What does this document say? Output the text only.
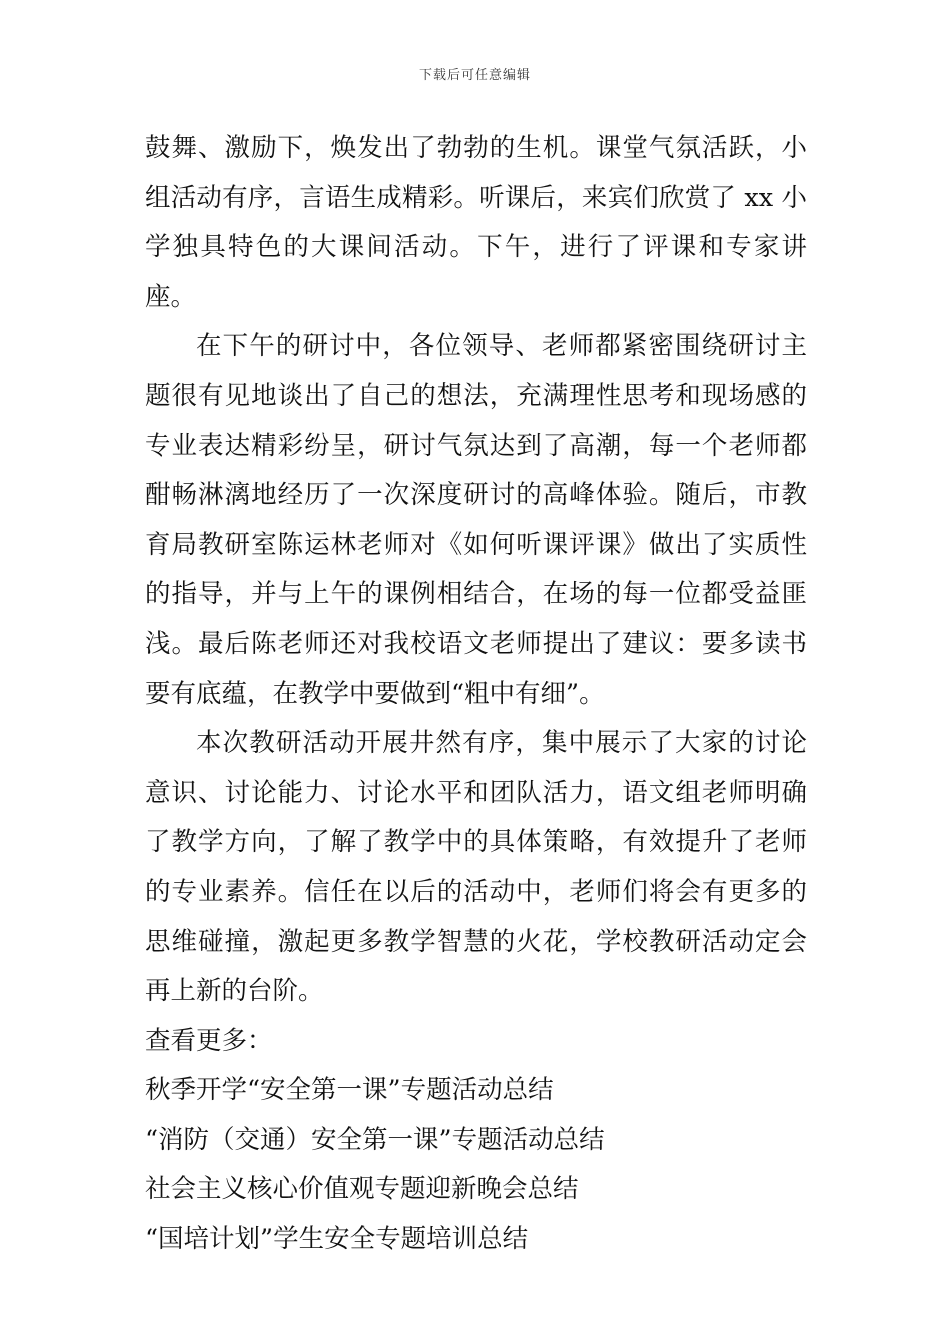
下载后可任意编辑

鼓舞、激励下，焕发出了勃勃的生机。课堂气氛活跃，小组活动有序，言语生成精彩。听课后，来宾们欣赏了 xx 小学独具特色的大课间活动。下午，进行了评课和专家讲座。

在下午的研讨中，各位领导、老师都紧密围绕研讨主题很有见地谈出了自己的想法，充满理性思考和现场感的专业表达精彩纷呈，研讨气氛达到了高潮，每一个老师都酣畅淋漓地经历了一次深度研讨的高峰体验。随后，市教育局教研室陈运林老师对《如何听课评课》做出了实质性的指导，并与上午的课例相结合，在场的每一位都受益匪浅。最后陈老师还对我校语文老师提出了建议：要多读书要有底蕴，在教学中要做到“粗中有细”。

本次教研活动开展井然有序，集中展示了大家的讨论意识、讨论能力、讨论水平和团队活力，语文组老师明确了教学方向，了解了教学中的具体策略，有效提升了老师的专业素养。信任在以后的活动中，老师们将会有更多的思维碰撞，激起更多教学智慧的火花，学校教研活动定会再上新的台阶。

查看更多：

秋季开学“安全第一课”专题活动总结
“消防（交通）安全第一课”专题活动总结
社会主义核心价值观专题迎新晚会总结
“国培计划”学生安全专题培训总结
